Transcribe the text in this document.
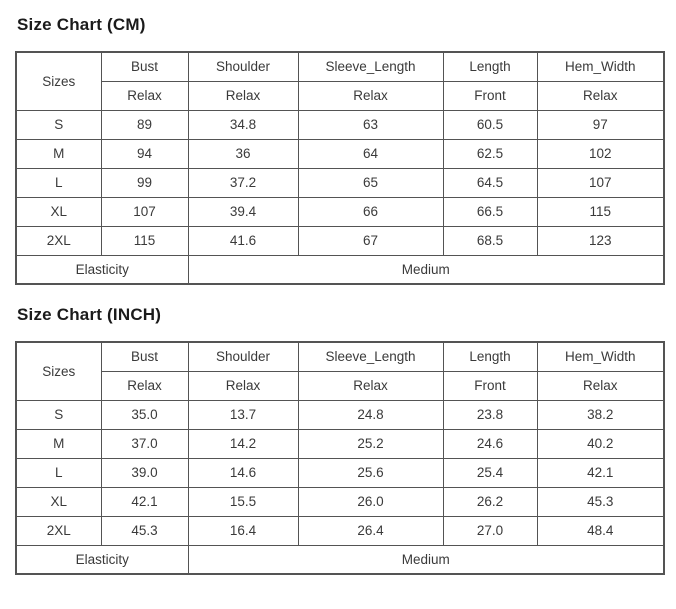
Size Chart (CM)
Sizes	Bust	Shoulder	Sleeve_Length	Length	Hem_Width
	Relax	Relax	Relax	Front	Relax
S	89	34.8	63	60.5	97
M	94	36	64	62.5	102
L	99	37.2	65	64.5	107
XL	107	39.4	66	66.5	115
2XL	115	41.6	67	68.5	123
Elasticity		Medium			
Size Chart (INCH)
Sizes	Bust	Shoulder	Sleeve_Length	Length	Hem_Width
	Relax	Relax	Relax	Front	Relax
S	35.0	13.7	24.8	23.8	38.2
M	37.0	14.2	25.2	24.6	40.2
L	39.0	14.6	25.6	25.4	42.1
XL	42.1	15.5	26.0	26.2	45.3
2XL	45.3	16.4	26.4	27.0	48.4
Elasticity		Medium			
